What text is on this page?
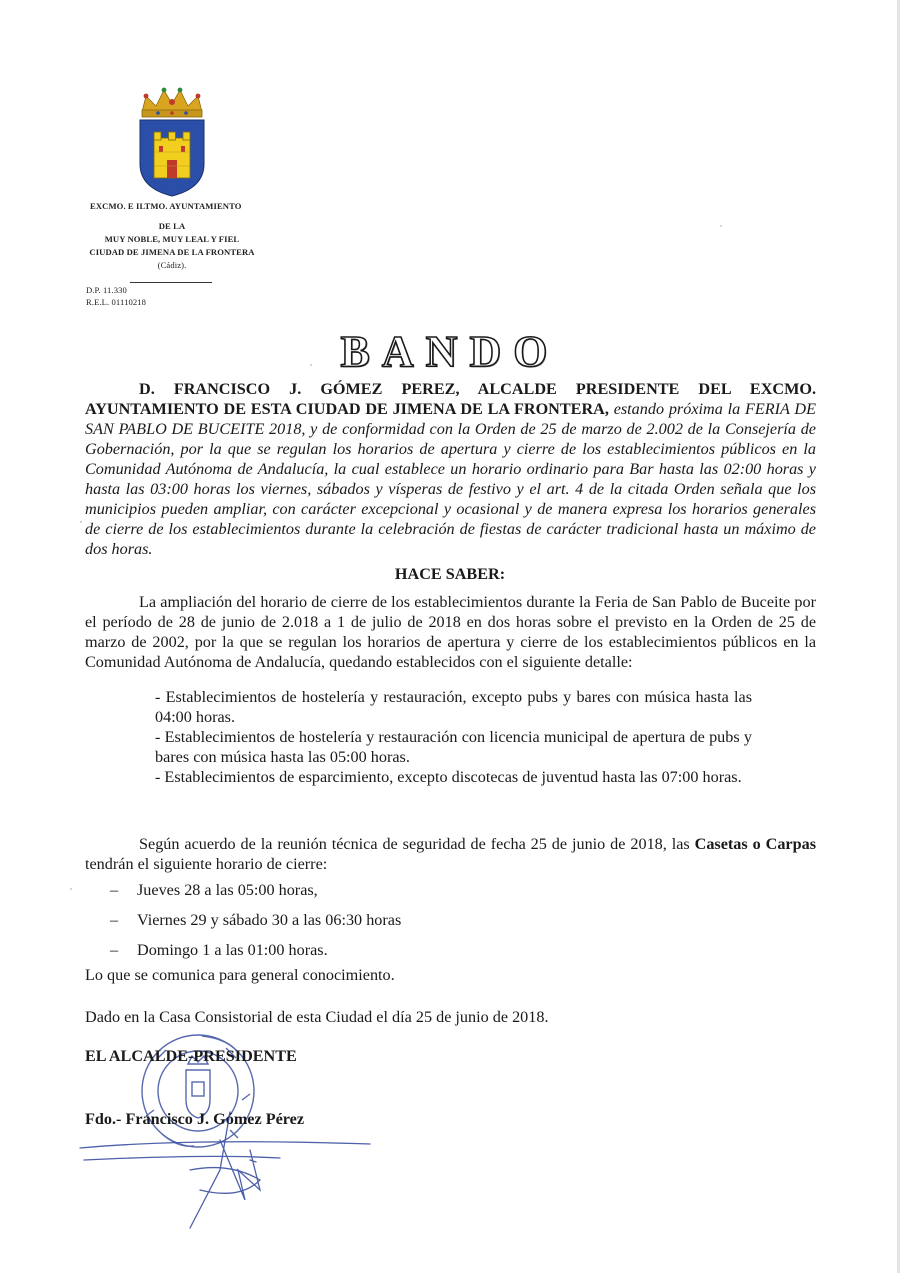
EXCMO. E ILTMO. AYUNTAMIENTO
DE LA
MUY NOBLE, MUY LEAL Y FIEL
CIUDAD DE JIMENA DE LA FRONTERA
(Cádiz).
D.P. 11.330
R.E.L. 01110218
BANDO
D. FRANCISCO J. GÓMEZ PEREZ, ALCALDE PRESIDENTE DEL EXCMO. AYUNTAMIENTO DE ESTA CIUDAD DE JIMENA DE LA FRONTERA, estando próxima la FERIA DE SAN PABLO DE BUCEITE 2018, y de conformidad con la Orden de 25 de marzo de 2.002 de la Consejería de Gobernación, por la que se regulan los horarios de apertura y cierre de los establecimientos públicos en la Comunidad Autónoma de Andalucía, la cual establece un horario ordinario para Bar hasta las 02:00 horas y hasta las 03:00 horas los viernes, sábados y vísperas de festivo y el art. 4 de la citada Orden señala que los municipios pueden ampliar, con carácter excepcional y ocasional y de manera expresa los horarios generales de cierre de los establecimientos durante la celebración de fiestas de carácter tradicional hasta un máximo de dos horas.
HACE SABER:
La ampliación del horario de cierre de los establecimientos durante la Feria de San Pablo de Buceite por el período de 28 de junio de 2.018 a 1 de julio de 2018 en dos horas sobre el previsto en la Orden de 25 de marzo de 2002, por la que se regulan los horarios de apertura y cierre de los establecimientos públicos en la Comunidad Autónoma de Andalucía, quedando establecidos con el siguiente detalle:
- Establecimientos de hostelería y restauración, excepto pubs y bares con música hasta las 04:00 horas.
- Establecimientos de hostelería y restauración con licencia municipal de apertura de pubs y bares con música hasta las 05:00 horas.
- Establecimientos de esparcimiento, excepto discotecas de juventud hasta las 07:00 horas.
Según acuerdo de la reunión técnica de seguridad de fecha 25 de junio de 2018, las Casetas o Carpas tendrán el siguiente horario de cierre:
– Jueves 28 a las 05:00 horas,
– Viernes 29 y sábado 30 a las 06:30 horas
– Domingo 1 a las 01:00 horas.
Lo que se comunica para general conocimiento.
Dado en la Casa Consistorial de esta Ciudad el día 25 de junio de 2018.
EL ALCALDE-PRESIDENTE
Fdo.- Francisco J. Gómez Pérez
